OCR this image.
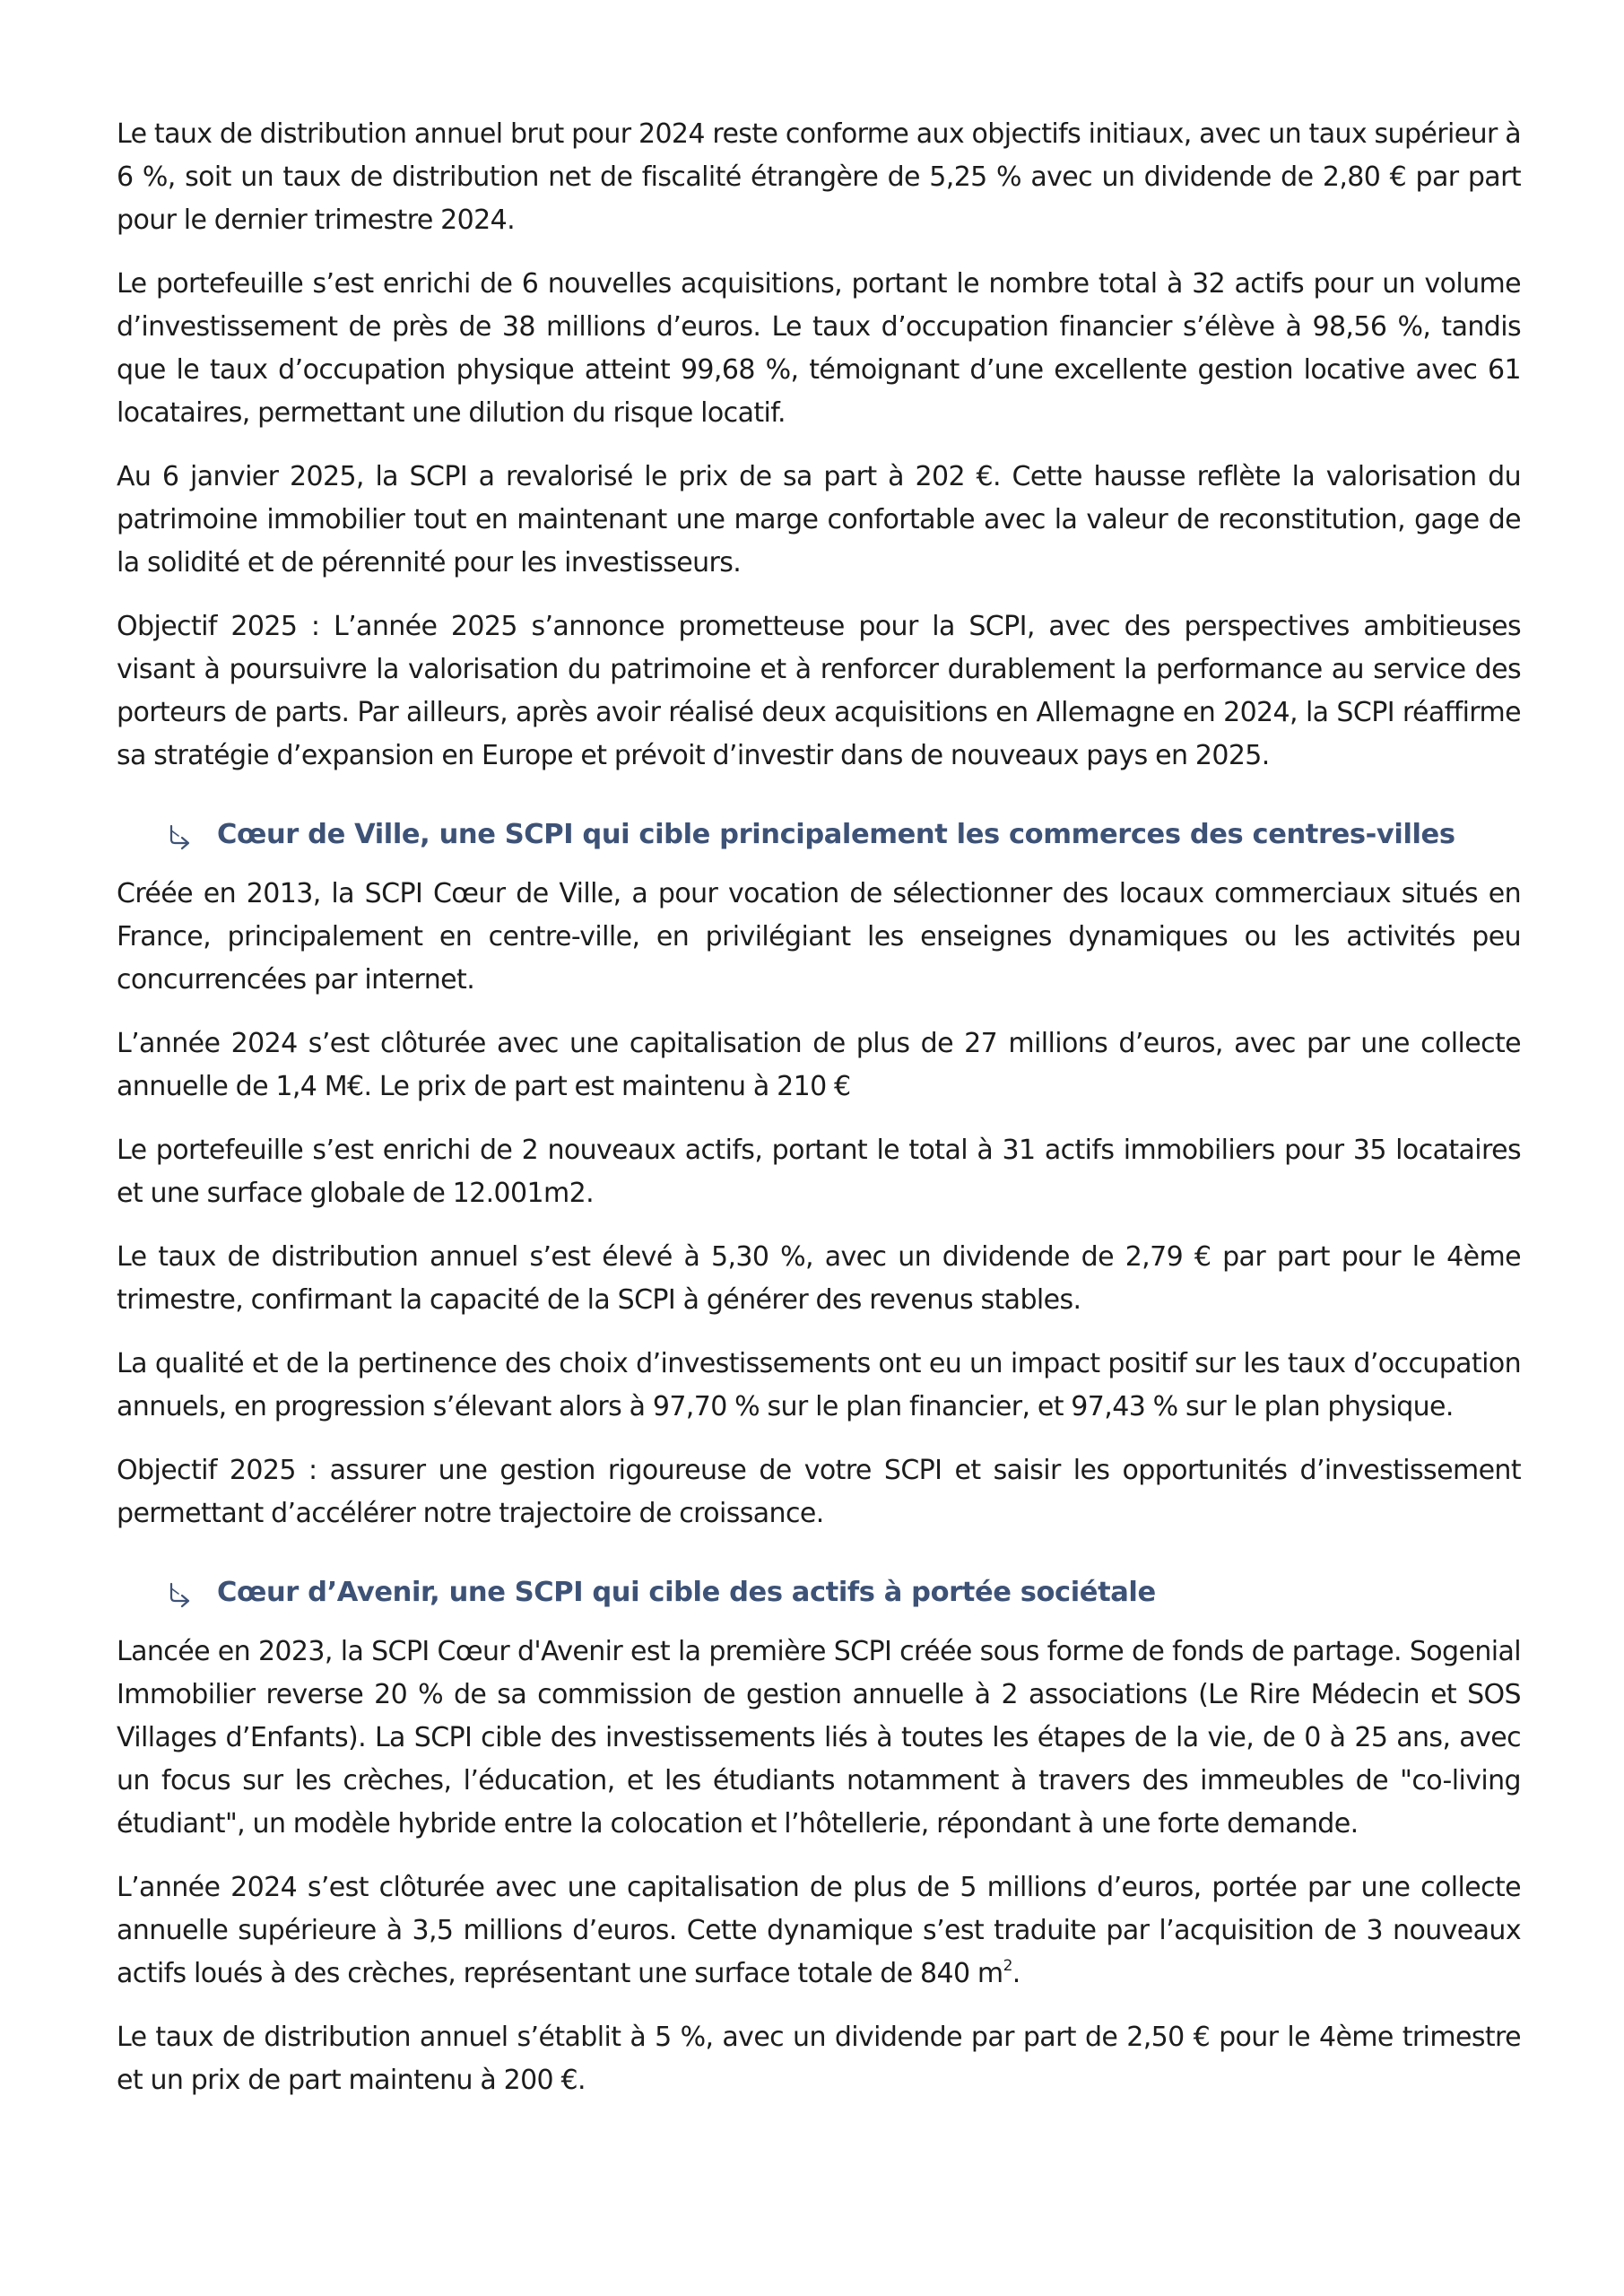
Le taux de distribution annuel brut pour 2024 reste conforme aux objectifs initiaux, avec un taux supérieur à 6 %, soit un taux de distribution net de fiscalité étrangère de 5,25 % avec un dividende de 2,80 € par part pour le dernier trimestre 2024.

Le portefeuille s’est enrichi de 6 nouvelles acquisitions, portant le nombre total à 32 actifs pour un volume d’investissement de près de 38 millions d’euros. Le taux d’occupation financier s’élève à 98,56 %, tandis que le taux d’occupation physique atteint 99,68 %, témoignant d’une excellente gestion locative avec 61 locataires, permettant une dilution du risque locatif.

Au 6 janvier 2025, la SCPI a revalorisé le prix de sa part à 202 €. Cette hausse reflète la valorisation du patrimoine immobilier tout en maintenant une marge confortable avec la valeur de reconstitution, gage de la solidité et de pérennité pour les investisseurs.

Objectif 2025 : L’année 2025 s’annonce prometteuse pour la SCPI, avec des perspectives ambitieuses visant à poursuivre la valorisation du patrimoine et à renforcer durablement la performance au service des porteurs de parts. Par ailleurs, après avoir réalisé deux acquisitions en Allemagne en 2024, la SCPI réaffirme sa stratégie d’expansion en Europe et prévoit d’investir dans de nouveaux pays en 2025.

Cœur de Ville, une SCPI qui cible principalement les commerces des centres-villes

Créée en 2013, la SCPI Cœur de Ville, a pour vocation de sélectionner des locaux commerciaux situés en France, principalement en centre-ville, en privilégiant les enseignes dynamiques ou les activités peu concurrencées par internet.

L’année 2024 s’est clôturée avec une capitalisation de plus de 27 millions d’euros, avec par une collecte annuelle de 1,4 M€. Le prix de part est maintenu à 210 €

Le portefeuille s’est enrichi de 2 nouveaux actifs, portant le total à 31 actifs immobiliers pour 35 locataires et une surface globale de 12.001m2.

Le taux de distribution annuel s’est élevé à 5,30 %, avec un dividende de 2,79 € par part pour le 4ème trimestre, confirmant la capacité de la SCPI à générer des revenus stables.

La qualité et de la pertinence des choix d’investissements ont eu un impact positif sur les taux d’occupation annuels, en progression s’élevant alors à 97,70 % sur le plan financier, et 97,43 % sur le plan physique.

Objectif 2025 : assurer une gestion rigoureuse de votre SCPI et saisir les opportunités d’investissement permettant d’accélérer notre trajectoire de croissance.

Cœur d’Avenir, une SCPI qui cible des actifs à portée sociétale

Lancée en 2023, la SCPI Cœur d'Avenir est la première SCPI créée sous forme de fonds de partage. Sogenial Immobilier reverse 20 % de sa commission de gestion annuelle à 2 associations (Le Rire Médecin et SOS Villages d’Enfants). La SCPI cible des investissements liés à toutes les étapes de la vie, de 0 à 25 ans, avec un focus sur les crèches, l’éducation, et les étudiants notamment à travers des immeubles de "co-living étudiant", un modèle hybride entre la colocation et l’hôtellerie, répondant à une forte demande.

L’année 2024 s’est clôturée avec une capitalisation de plus de 5 millions d’euros, portée par une collecte annuelle supérieure à 3,5 millions d’euros. Cette dynamique s’est traduite par l’acquisition de 3 nouveaux actifs loués à des crèches, représentant une surface totale de 840 $m^2$.

Le taux de distribution annuel s’établit à 5 %, avec un dividende par part de 2,50 € pour le 4ème trimestre et un prix de part maintenu à 200 €.
